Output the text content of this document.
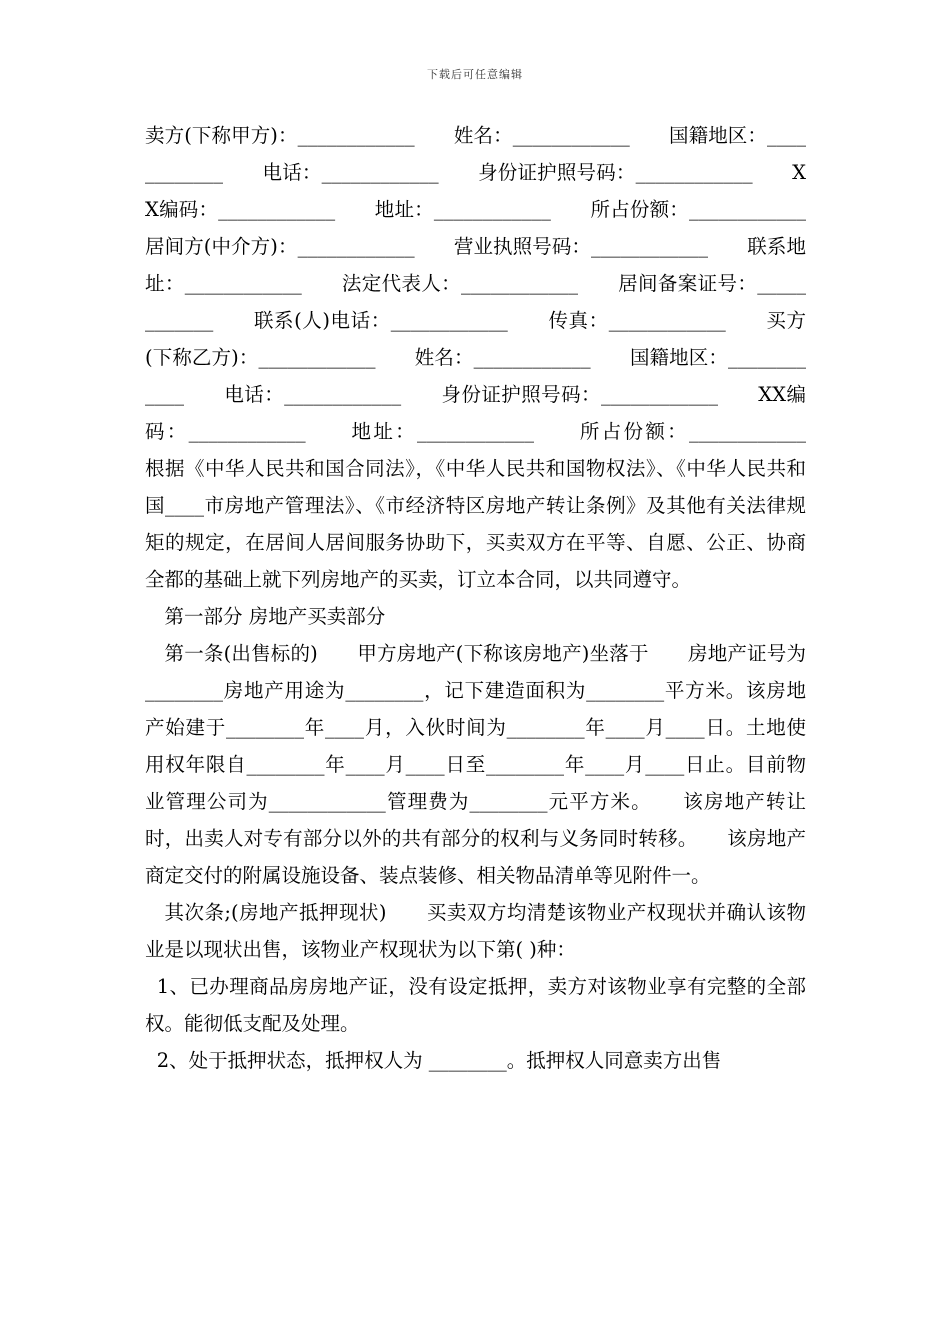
下载后可任意编辑

卖方(下称甲方)：____________　　姓名：____________　　国籍地区：____________　　电话：____________　　身份证护照号码：____________　　XX编码：____________　　地址：____________　　所占份额：____________　　居间方(中介方)：____________　　营业执照号码：____________　　联系地址：____________　　法定代表人：____________　　居间备案证号：____________　　联系(人)电话：____________　　传真：____________　　买方(下称乙方)：____________　　姓名：____________　　国籍地区：____________　　电话：____________　　身份证护照号码：____________　　XX编码：____________　　地址：____________　　所占份额：____________　　根据《中华人民共和国合同法》，《中华人民共和国物权法》、《中华人民共和国____市房地产管理法》、《市经济特区房地产转让条例》及其他有关法律规矩的规定，在居间人居间服务协助下，买卖双方在平等、自愿、公正、协商全都的基础上就下列房地产的买卖，订立本合同，以共同遵守。

第一部分 房地产买卖部分

第一条(出售标的)　　甲方房地产(下称该房地产)坐落于　　房地产证号为________房地产用途为________，记下建造面积为________平方米。该房地产始建于________年____月，入伙时间为________年____月____日。土地使用权年限自________年____月____日至________年____月____日止。目前物业管理公司为____________管理费为________元平方米。　　该房地产转让时，出卖人对专有部分以外的共有部分的权利与义务同时转移。　　该房地产商定交付的附属设施设备、装点装修、相关物品清单等见附件一。

其次条;(房地产抵押现状)　　买卖双方均清楚该物业产权现状并确认该物业是以现状出售，该物业产权现状为以下第( )种：

1、已办理商品房房地产证，没有设定抵押，卖方对该物业享有完整的全部权。能彻低支配及处理。

2、处于抵押状态，抵押权人为 ________。抵押权人同意卖方出售
